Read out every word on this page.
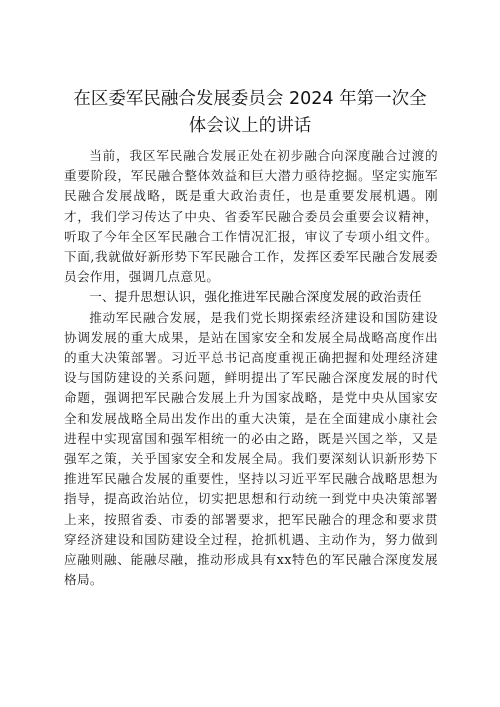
在区委军民融合发展委员会 2024 年第一次全
体会议上的讲话

当前，我区军民融合发展正处在初步融合向深度融合过渡的重要阶段，军民融合整体效益和巨大潜力亟待挖掘。坚定实施军民融合发展战略，既是重大政治责任，也是重要发展机遇。刚才，我们学习传达了中央、省委军民融合委员会重要会议精神，听取了今年全区军民融合工作情况汇报，审议了专项小组文件。下面,我就做好新形势下军民融合工作，发挥区委军民融合发展委员会作用，强调几点意见。

一、提升思想认识，强化推进军民融合深度发展的政治责任

推动军民融合发展，是我们党长期探索经济建设和国防建设协调发展的重大成果，是站在国家安全和发展全局战略高度作出的重大决策部署。习近平总书记高度重视正确把握和处理经济建设与国防建设的关系问题，鲜明提出了军民融合深度发展的时代命题，强调把军民融合发展上升为国家战略，是党中央从国家安全和发展战略全局出发作出的重大决策，是在全面建成小康社会进程中实现富国和强军相统一的必由之路，既是兴国之举，又是强军之策，关乎国家安全和发展全局。我们要深刻认识新形势下推进军民融合发展的重要性，坚持以习近平军民融合战略思想为指导，提高政治站位，切实把思想和行动统一到党中央决策部署上来，按照省委、市委的部署要求，把军民融合的理念和要求贯穿经济建设和国防建设全过程，抢抓机遇、主动作为，努力做到应融则融、能融尽融，推动形成具有xx特色的军民融合深度发展格局。
